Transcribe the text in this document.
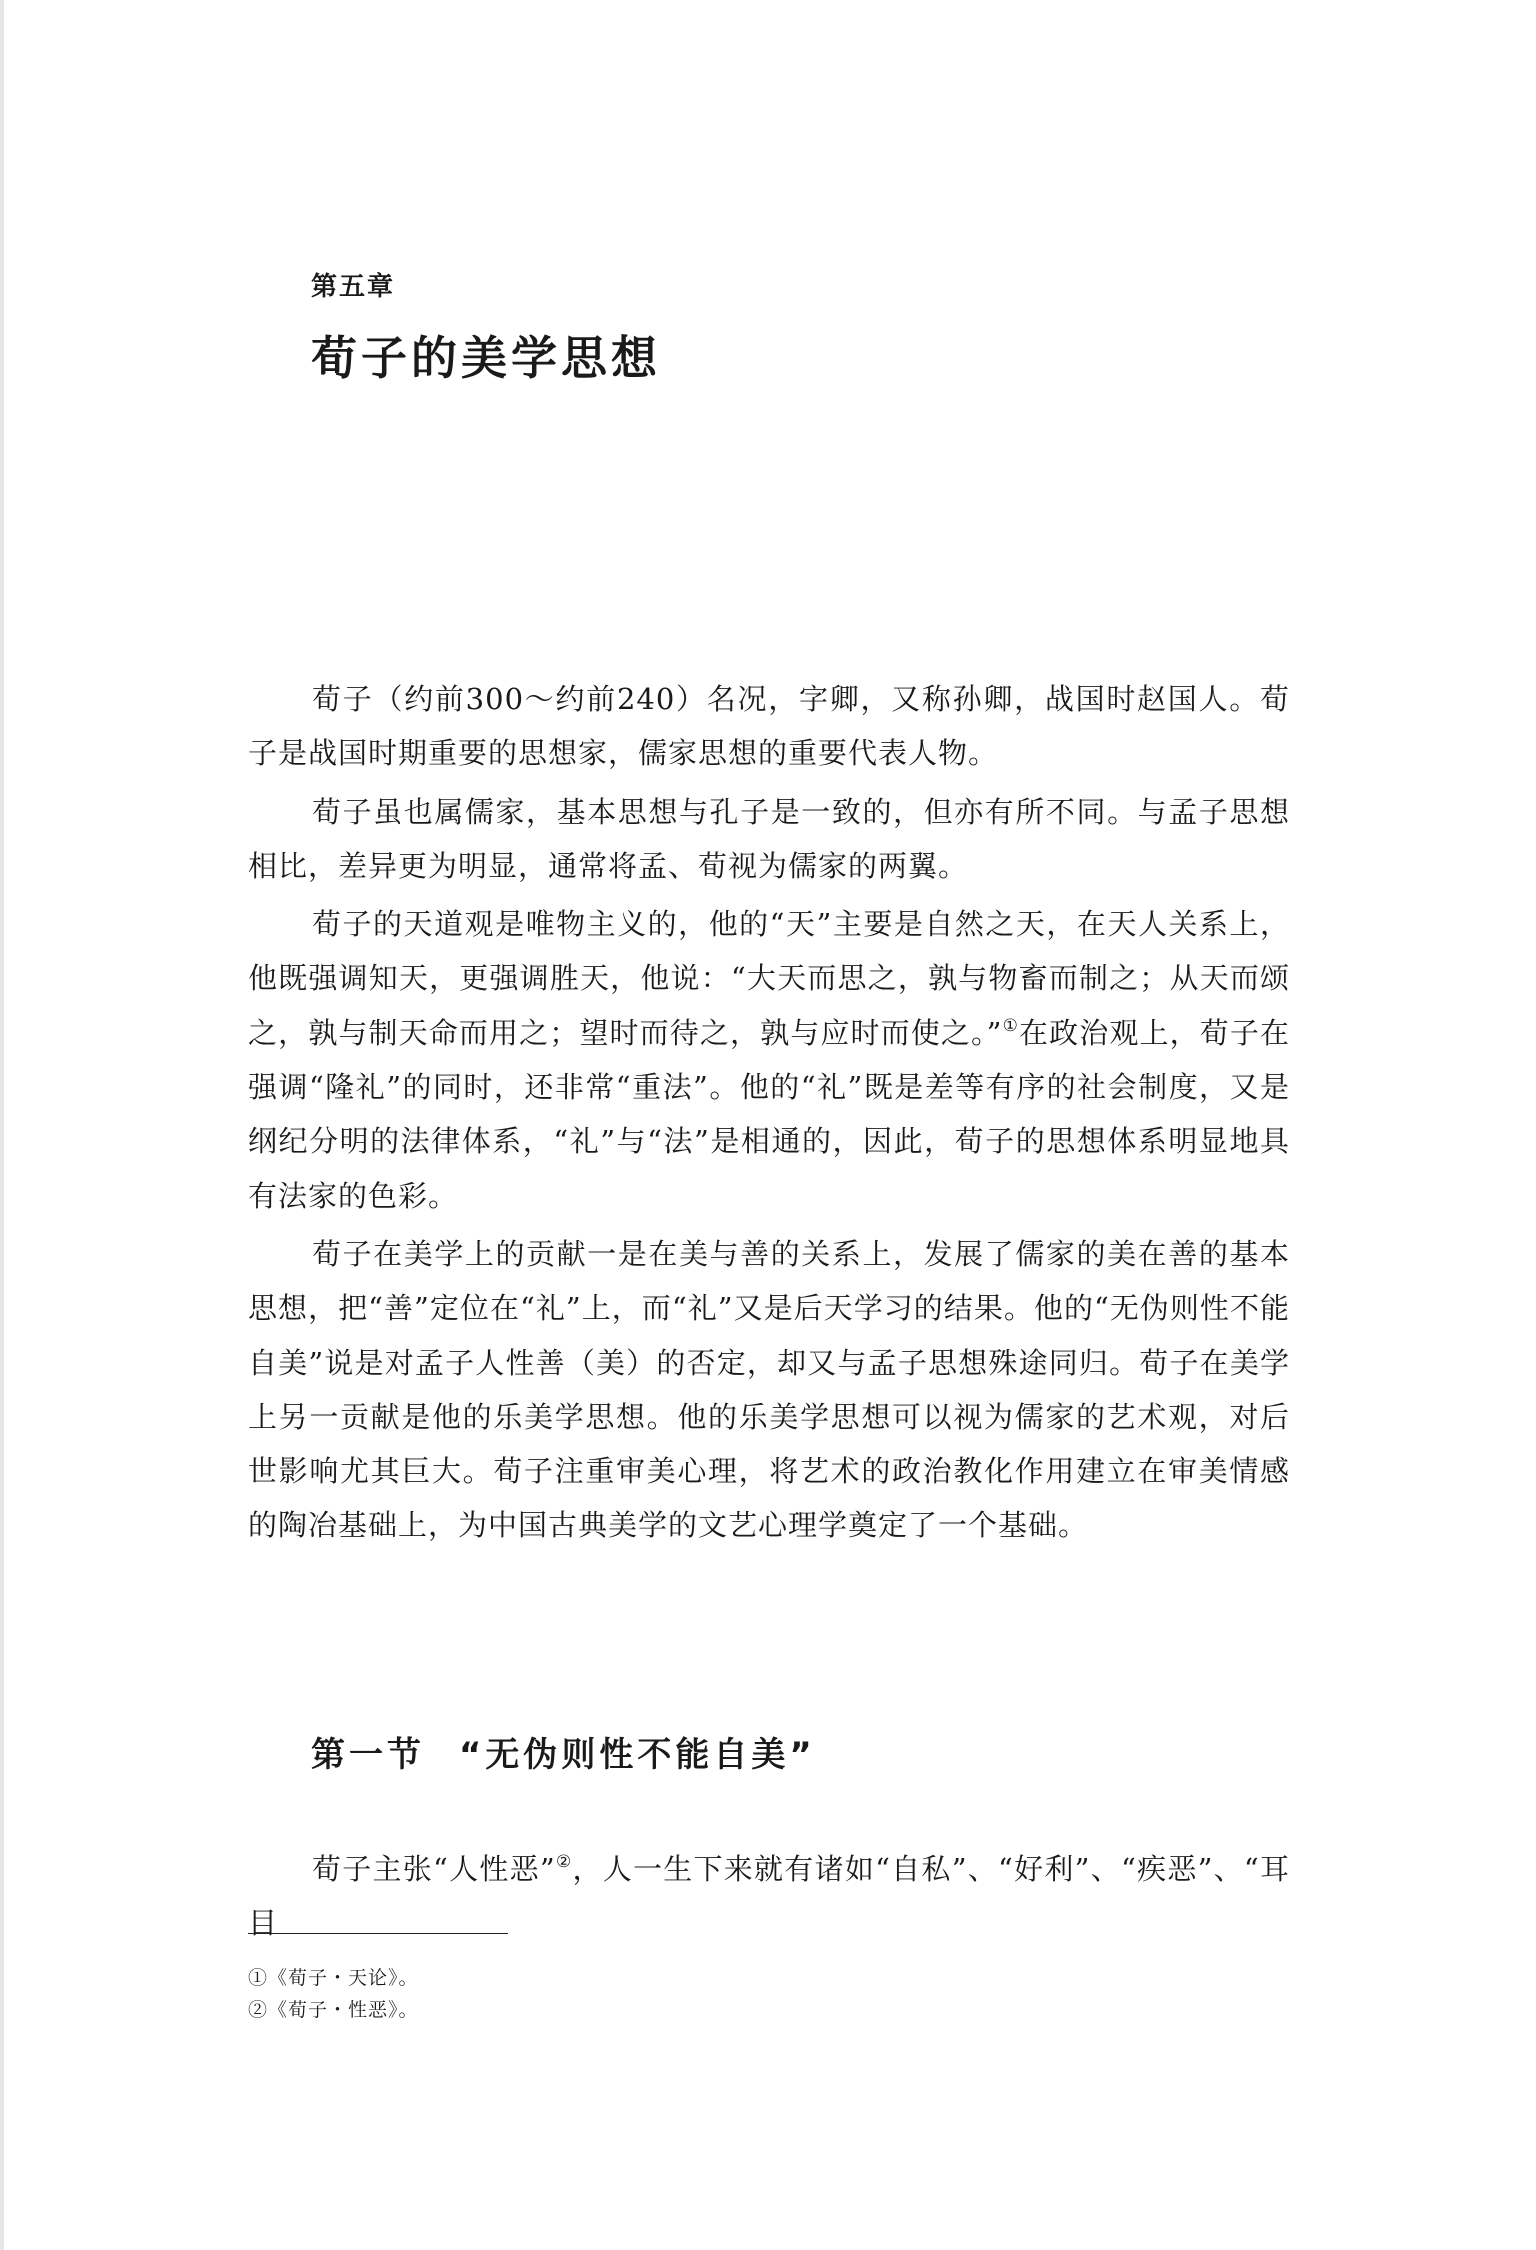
第五章
荀子的美学思想

荀子（约前300～约前240）名况，字卿，又称孙卿，战国时赵国人。荀子是战国时期重要的思想家，儒家思想的重要代表人物。

荀子虽也属儒家，基本思想与孔子是一致的，但亦有所不同。与孟子思想相比，差异更为明显，通常将孟、荀视为儒家的两翼。

荀子的天道观是唯物主义的，他的“天”主要是自然之天，在天人关系上，他既强调知天，更强调胜天，他说：“大天而思之，孰与物畜而制之；从天而颂之，孰与制天命而用之；望时而待之，孰与应时而使之。”①在政治观上，荀子在强调“隆礼”的同时，还非常“重法”。他的“礼”既是差等有序的社会制度，又是纲纪分明的法律体系，“礼”与“法”是相通的，因此，荀子的思想体系明显地具有法家的色彩。

荀子在美学上的贡献一是在美与善的关系上，发展了儒家的美在善的基本思想，把“善”定位在“礼”上，而“礼”又是后天学习的结果。他的“无伪则性不能自美”说是对孟子人性善（美）的否定，却又与孟子思想殊途同归。荀子在美学上另一贡献是他的乐美学思想。他的乐美学思想可以视为儒家的艺术观，对后世影响尤其巨大。荀子注重审美心理，将艺术的政治教化作用建立在审美情感的陶冶基础上，为中国古典美学的文艺心理学奠定了一个基础。

第一节 “无伪则性不能自美”

荀子主张“人性恶”②，人一生下来就有诸如“自私”、“好利”、“疾恶”、“耳目

①《荀子・天论》。

②《荀子・性恶》。
